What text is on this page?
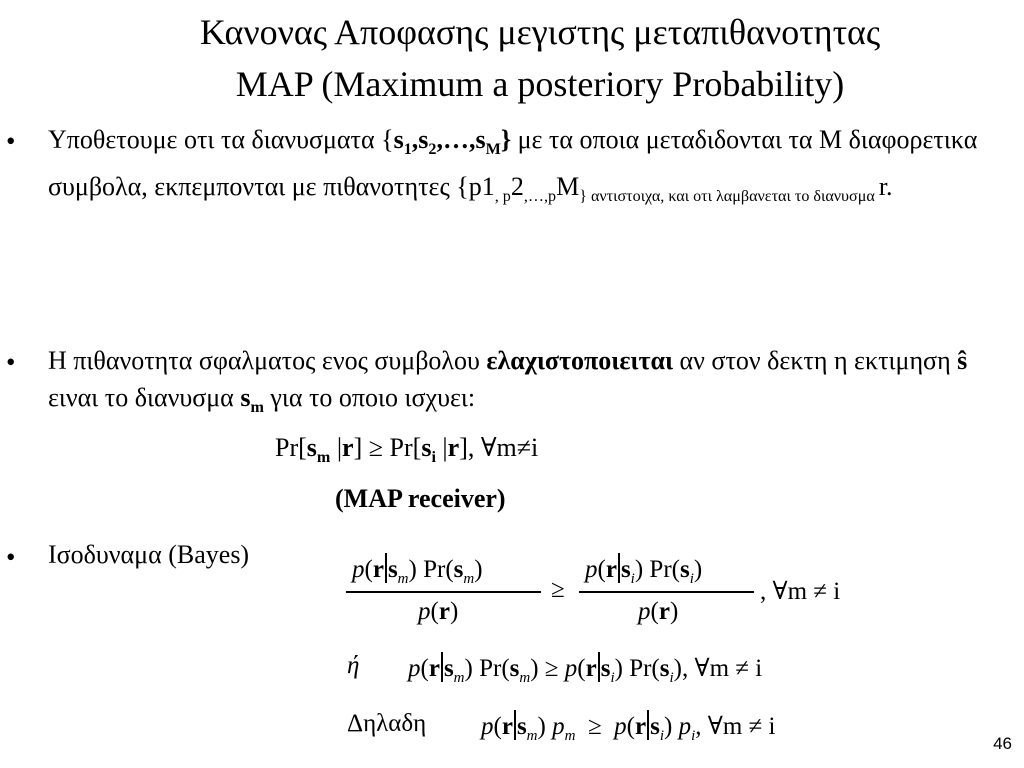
Κανονας Αποφασης μεγιστης μεταπιθανοτητας
MAP (Maximum a posteriory Probability)
• Υποθετουμε οτι τα διανυσματα $\{s_1,s_2,\dots,s_M\}$ με τα οποια μεταδιδονται τα M διαφορετικα συμβολα, εκπεμπονται με πιθανοτητες {$p1_{, p}2_{,\dots,p}M_{\} \alpha\nu\tau\iota\sigma\tau o\iota\chi\alpha, \kappa\alpha\iota o\tau\iota \lambda\alpha\mu\beta\alpha\nu\varepsilon\tau\alpha\iota \tau o \delta\iota\alpha\nu\upsilon\sigma\mu\alpha}$ r.
• Η πιθανοτητα σφαλματος ενος συμβολου ελαχιστοποιειται αν στον δεκτη η εκτιμηση ŝ ειναι το διανυσμα $s_m$ για το οποιο ισχυει:
$Pr[s_m$ $|r] \ge Pr[s_i$ |r], ∀m≠i
(MAP receiver)
• Ισοδυναμα (Bayes)
p(r $s_m$) $Pr(s_m)$
p(r)
≥
p(r $s_i$) $Pr(s_i)$
p(r)
, ∀m ≠ i
ή p(r $s_m$) $Pr(s_m) \ge p(r$ $s_i$) $Pr(s_i)$, ∀m ≠ i
Δηλαδη p(r $s_m$) $p_m \ge p(r$ $s_i$) $p_i$, ∀m ≠ i
46
